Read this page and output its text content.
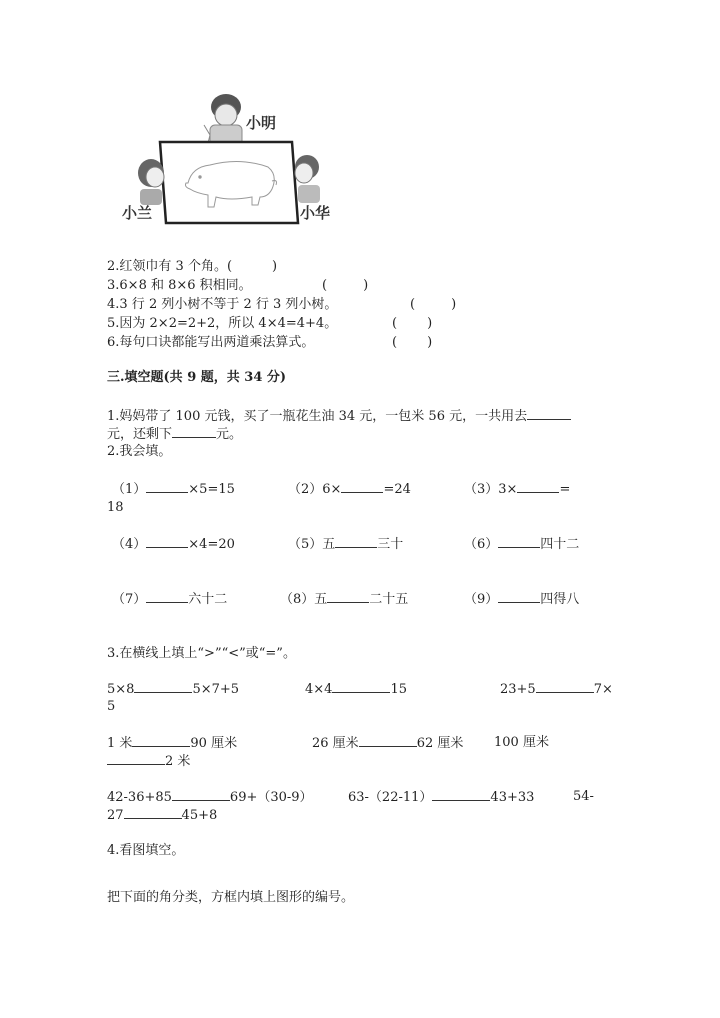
小明
小兰	小华
2.红领巾有 3 个角。(	)
3.6×8 和 8×6 积相同。	(	)
4.3 行 2 列小树不等于 2 行 3 列小树。	(	)
5.因为 2×2=2+2，所以 4×4=4+4。	( )
6.每句口诀都能写出两道乘法算式。	( )
三.填空题(共 9 题，共 34 分)
1.妈妈带了 100 元钱，买了一瓶花生油 34 元，一包米 56 元，一共用去
元，还剩下	元。
2.我会填。
（1）	×5=15	（2）6×	=24	（3）3×	=
18
（4）	×4=20	（5）五	三十	（6）	四十二
（7）	六十二	（8）五	二十五	（9）	四得八
3.在横线上填上“>”“<”或“=”。
5×8	5×7+5	4×4	15	23+5	7×
5
1 米	90 厘米	26 厘米	62 厘米 100 厘米
2 米
42-36+85	69+（30-9）	63-（22-11）	43+33	54-
27	45+8
4.看图填空。
把下面的角分类，方框内填上图形的编号。
